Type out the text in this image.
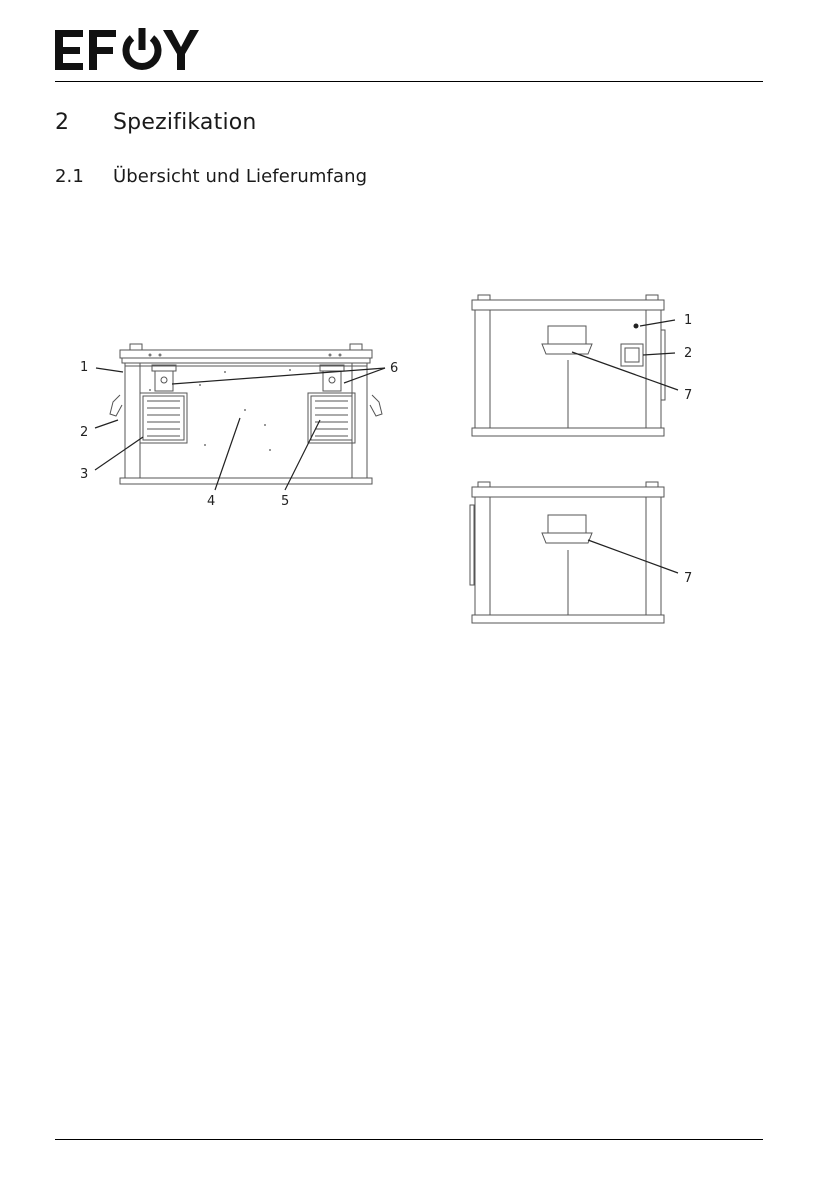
2 Spezifikation
2.1 Übersicht und Lieferumfang
1
2
3
4	5
6
1
2
7
7
